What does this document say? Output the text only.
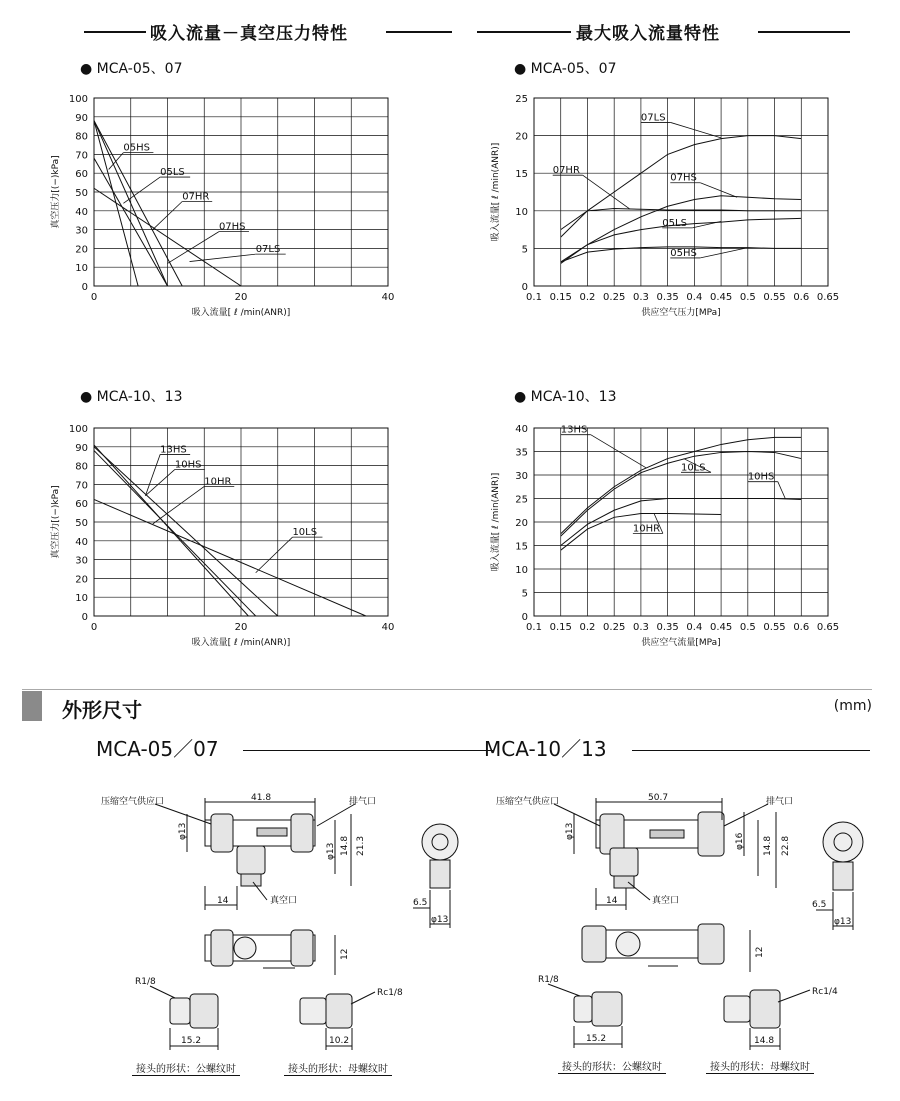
吸入流量－真空压力特性	最大吸入流量特性
● MCA-05、07	● MCA-05、07
● MCA-10、13	● MCA-10、13
0
10
20
30
40
50
60
70
80
90
100
0	20	40
吸入流量[ ℓ /min(ANR)]
真空压力[(−)kPa]
05HS
05LS
07HR
07HS
07LS
0
5
10
15
20
25
0.1 0.15 0.2 0.25 0.3 0.35 0.4 0.45 0.5 0.55 0.6 0.65
供应空气压力[MPa]
吸入流量[ ℓ /min(ANR)]
07LS
07HR
07HS
05LS
05HS
0
10
20
30
40
50
60
70
80
90
100
0	20	40
吸入流量[ ℓ /min(ANR)]
真空压力[(−)kPa]
13HS
10HS
10HR
10LS
0
5
10
15
20
25
30
35
40
0.1 0.15 0.2 0.25 0.3 0.35 0.4 0.45 0.5 0.55 0.6 0.65
供应空气流量[MPa]
吸入流量[ ℓ /min(ANR)]
13HS
10LS
10HS
10HR
外形尺寸	(mm)
MCA-05／07	MCA-10／13
压缩空气供应口	排气口
真空口
41.8
φ13
φ13 14.8 21.3
14	6.5
φ13
12
R1/8
15.2
Rc1/8
10.2
接头的形状：公螺纹时	接头的形状：母螺纹时
压缩空气供应口	排气口
真空口
50.7
φ13
φ16 14.8 22.8
14	6.5
φ13
12
R1/8
15.2
Rc1/4
14.8
接头的形状：公螺纹时	接头的形状：母螺纹时
